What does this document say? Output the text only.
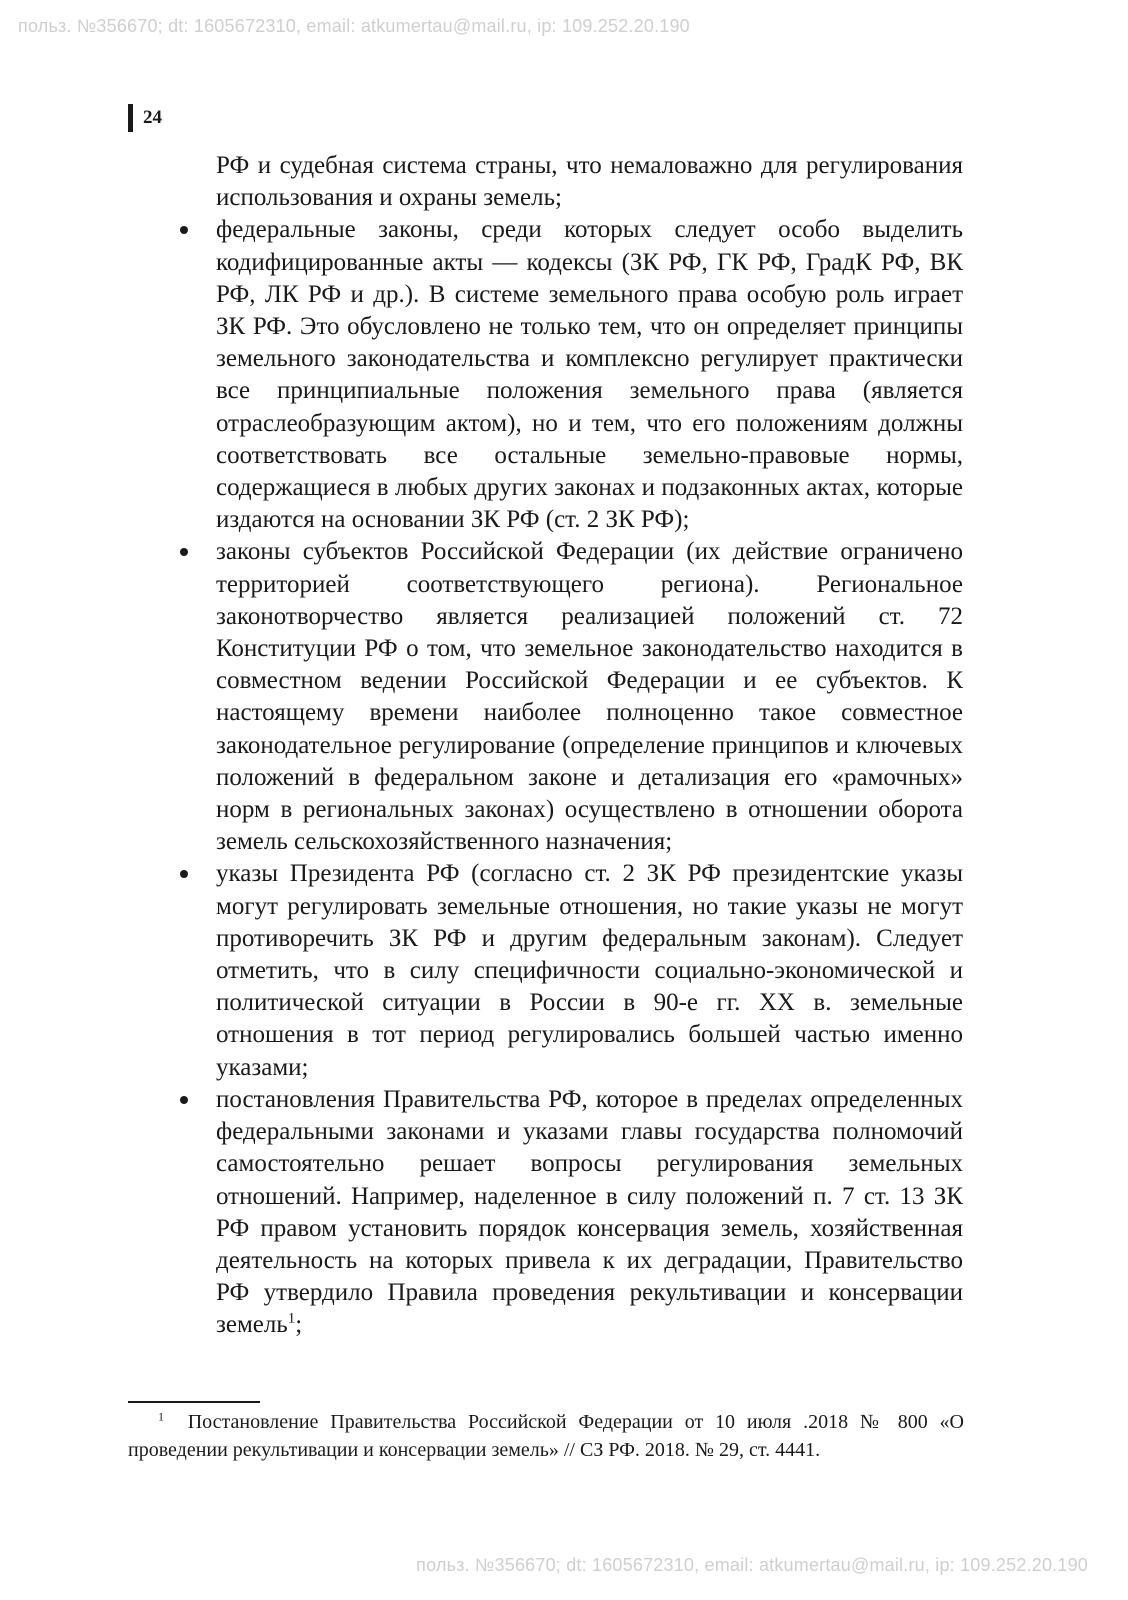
польз. №356670; dt: 1605672310, email: atkumertau@mail.ru, ip: 109.252.20.190
24

РФ и судебная система страны, что немаловажно для регулирования использования и охраны земель;

федеральные законы, среди которых следует особо выделить кодифицированные акты — кодексы (ЗК РФ, ГК РФ, ГрадК РФ, ВК РФ, ЛК РФ и др.). В системе земельного права особую роль играет ЗК РФ. Это обусловлено не только тем, что он определяет принципы земельного законодательства и комплексно регулирует практически все принципиальные положения земельного права (является отраслеобразующим актом), но и тем, что его положениям должны соответствовать все остальные земельно-правовые нормы, содержащиеся в любых других законах и подзаконных актах, которые издаются на основании ЗК РФ (ст. 2 ЗК РФ);
законы субъектов Российской Федерации (их действие ограничено территорией соответствующего региона). Региональное законотворчество является реализацией положений ст. 72 Конституции РФ о том, что земельное законодательство находится в совместном ведении Российской Федерации и ее субъектов. К настоящему времени наиболее полноценно такое совместное законодательное регулирование (определение принципов и ключевых положений в федеральном законе и детализация его «рамочных» норм в региональных законах) осуществлено в отношении оборота земель сельскохозяйственного назначения;
указы Президента РФ (согласно ст. 2 ЗК РФ президентские указы могут регулировать земельные отношения, но такие указы не могут противоречить ЗК РФ и другим федеральным законам). Следует отметить, что в силу специфичности социально-экономической и политической ситуации в России в 90-е гг. XX в. земельные отношения в тот период регулировались большей частью именно указами;
постановления Правительства РФ, которое в пределах определенных федеральными законами и указами главы государства полномочий самостоятельно решает вопросы регулирования земельных отношений. Например, наделенное в силу положений п. 7 ст. 13 ЗК РФ правом установить порядок консервация земель, хозяйственная деятельность на которых привела к их деградации, Правительство РФ утвердило Правила проведения рекультивации и консервации земель$^1$;
$^1$ Постановление Правительства Российской Федерации от 10 июля .2018 № 800 «О проведении рекультивации и консервации земель» // СЗ РФ. 2018. № 29, ст. 4441.
польз. №356670; dt: 1605672310, email: atkumertau@mail.ru, ip: 109.252.20.190
